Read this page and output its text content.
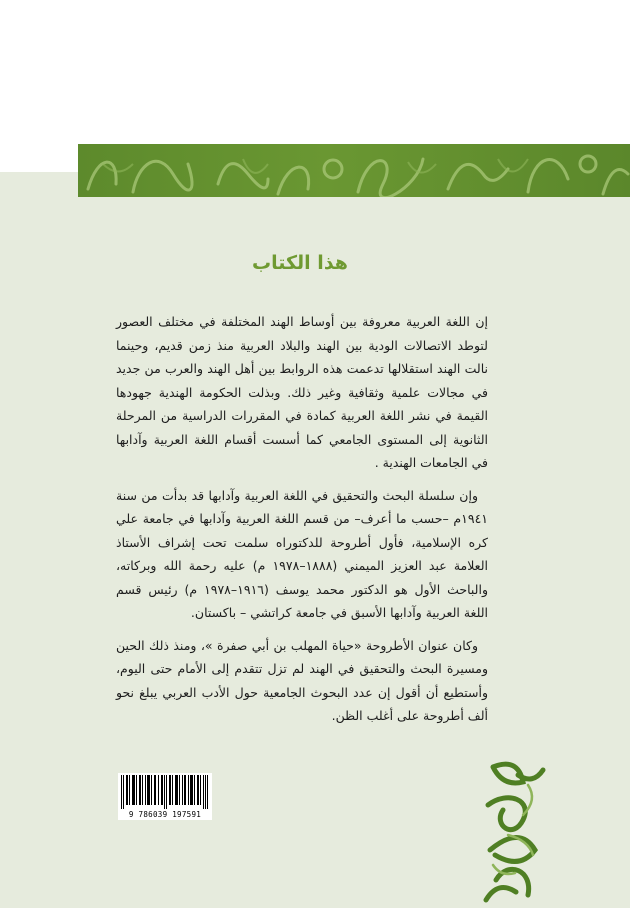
هذا الكتاب

إن اللغة العربية معروفة بين أوساط الهند المختلفة في مختلف العصور لتوطد الاتصالات الودية بين الهند والبلاد العربية منذ زمن قديم، وحينما نالت الهند استقلالها تدعمت هذه الروابط بين أهل الهند والعرب من جديد في مجالات علمية وثقافية وغير ذلك. وبذلت الحكومة الهندية جهودها القيمة في نشر اللغة العربية كمادة في المقررات الدراسية من المرحلة الثانوية إلى المستوى الجامعي كما أسست أقسام اللغة العربية وآدابها في الجامعات الهندية .

وإن سلسلة البحث والتحقيق في اللغة العربية وآدابها قد بدأت من سنة ١٩٤١م –حسب ما أعرف– من قسم اللغة العربية وآدابها في جامعة علي كره الإسلامية، فأول أطروحة للدكتوراه سلمت تحت إشراف الأستاذ العلامة عبد العزيز الميمني (١٨٨٨–١٩٧٨ م) عليه رحمة الله وبركاته، والباحث الأول هو الدكتور محمد يوسف (١٩١٦–١٩٧٨ م) رئيس قسم اللغة العربية وآدابها الأسبق في جامعة كراتشي – باكستان.

وكان عنوان الأطروحة «حياة المهلب بن أبي صفرة »، ومنذ ذلك الحين ومسيرة البحث والتحقيق في الهند لم تزل تتقدم إلى الأمام حتى اليوم، وأستطيع أن أقول إن عدد البحوث الجامعية حول الأدب العربي يبلغ نحو ألف أطروحة على أغلب الظن.

9 786039 197591
